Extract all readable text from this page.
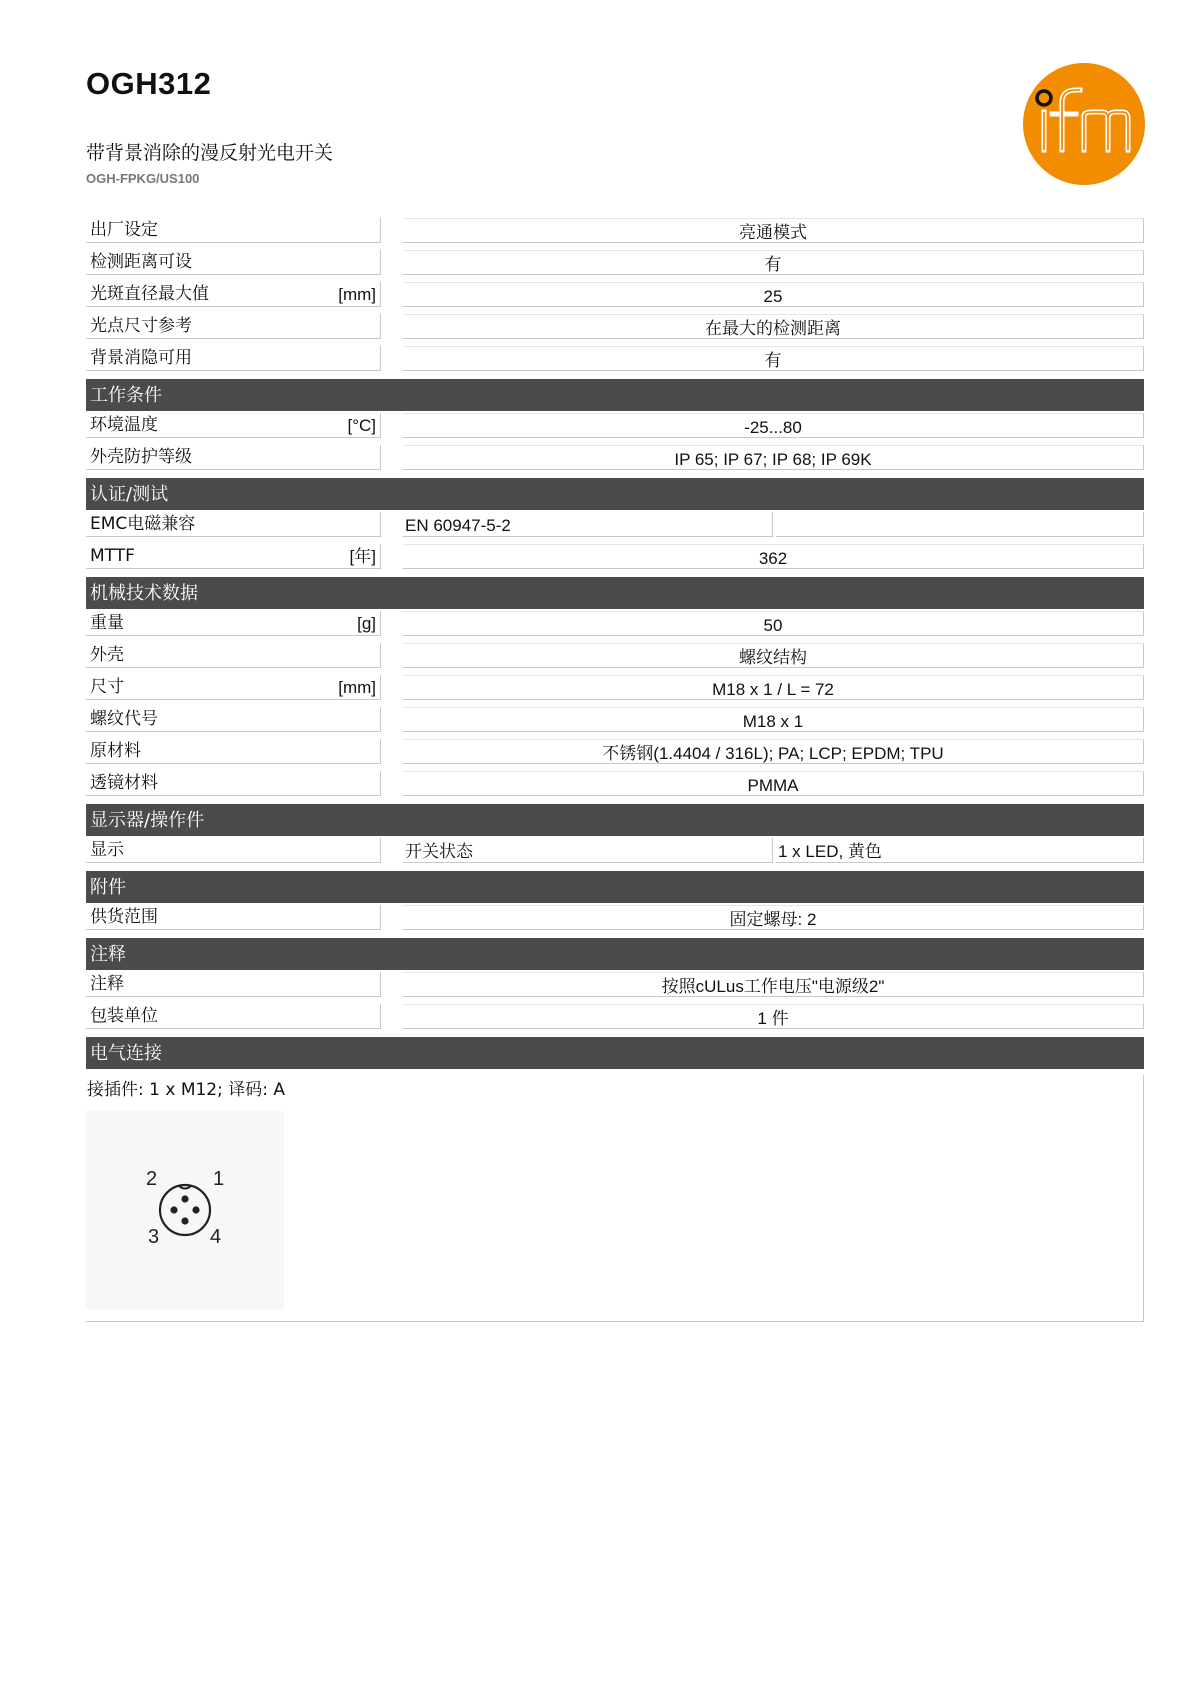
OGH312
带背景消除的漫反射光电开关
OGH-FPKG/US100
出厂设定	亮通模式
检测距离可设	有
光斑直径最大值	[mm]	25
光点尺寸参考	在最大的检测距离
背景消隐可用	有
工作条件
环境温度	[°C]	-25...80
外壳防护等级	IP 65; IP 67; IP 68; IP 69K
认证/测试
EMC电磁兼容	EN 60947-5-2
MTTF	[年]	362
机械技术数据
重量	[g]	50
外壳	螺纹结构
尺寸	[mm]	M18 x 1 / L = 72
螺纹代号	M18 x 1
原材料	不锈钢(1.4404 / 316L); PA; LCP; EPDM; TPU
透镜材料	PMMA
显示器/操作件
显示	开关状态	1 x LED, 黄色
附件
供货范围	固定螺母: 2
注释
注释	按照cULus工作电压"电源级2"
包装单位	1 件
电气连接
接插件: 1 x M12; 译码: A
1
2
3	4
